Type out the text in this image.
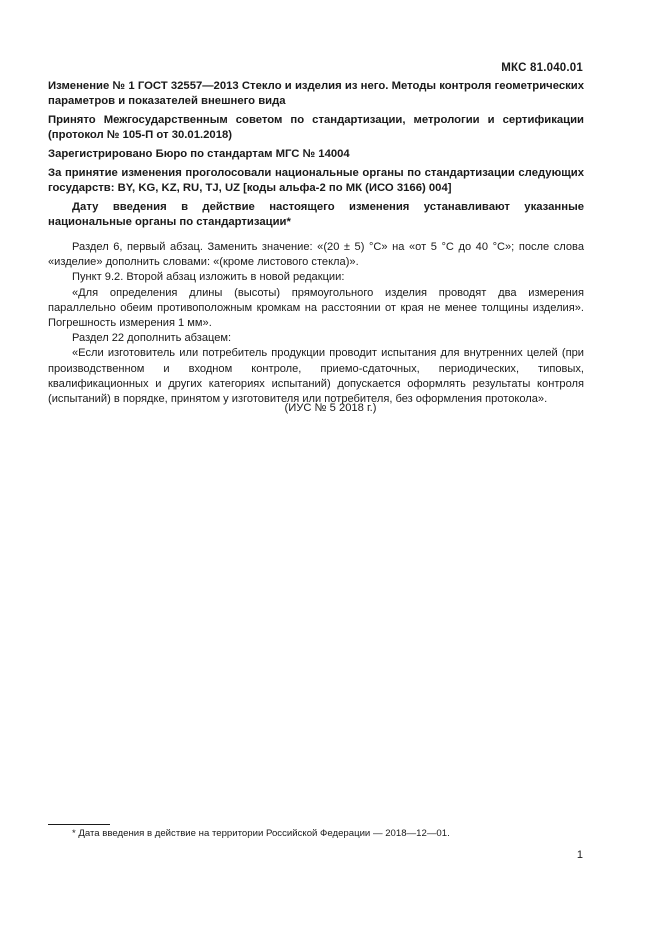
МКС 81.040.01
Изменение № 1 ГОСТ 32557—2013 Стекло и изделия из него. Методы контроля геометрических параметров и показателей внешнего вида
Принято Межгосударственным советом по стандартизации, метрологии и сертификации (протокол № 105-П от 30.01.2018)
Зарегистрировано Бюро по стандартам МГС № 14004
За принятие изменения проголосовали национальные органы по стандартизации следующих государств: BY, KG, KZ, RU, TJ, UZ [коды альфа-2 по МК (ИСО 3166) 004]
Дату введения в действие настоящего изменения устанавливают указанные национальные органы по стандартизации*

Раздел 6, первый абзац. Заменить значение: «(20 ± 5) °C» на «от 5 °C до 40 °C»; после слова «изделие» дополнить словами: «(кроме листового стекла)».

Пункт 9.2. Второй абзац изложить в новой редакции:

«Для определения длины (высоты) прямоугольного изделия проводят два измерения параллельно обеим противоположным кромкам на расстоянии от края не менее толщины изделия». Погрешность измерения 1 мм».

Раздел 22 дополнить абзацем:

«Если изготовитель или потребитель продукции проводит испытания для внутренних целей (при производственном и входном контроле, приемо-сдаточных, периодических, типовых, квалификационных и других категориях испытаний) допускается оформлять результаты контроля (испытаний) в порядке, принятом у изготовителя или потребителя, без оформления протокола».

(ИУС № 5 2018 г.)
* Дата введения в действие на территории Российской Федерации — 2018—12—01.
1
